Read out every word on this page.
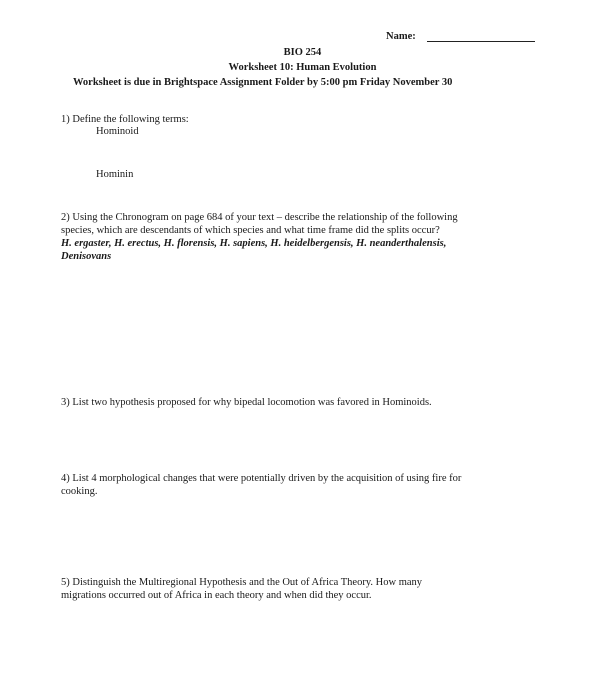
Name:
BIO 254
Worksheet 10: Human Evolution
Worksheet is due in Brightspace Assignment Folder by 5:00 pm Friday November 30
1) Define the following terms:
Hominoid
Hominin
2) Using the Chronogram on page 684 of your text – describe the relationship of the following
species, which are descendants of which species and what time frame did the splits occur?
H. ergaster, H. erectus, H. florensis, H. sapiens, H. heidelbergensis, H. neanderthalensis,
Denisovans
3) List two hypothesis proposed for why bipedal locomotion was favored in Hominoids.
4) List 4 morphological changes that were potentially driven by the acquisition of using fire for
cooking.
5) Distinguish the Multiregional Hypothesis and the Out of Africa Theory. How many
migrations occurred out of Africa in each theory and when did they occur.
